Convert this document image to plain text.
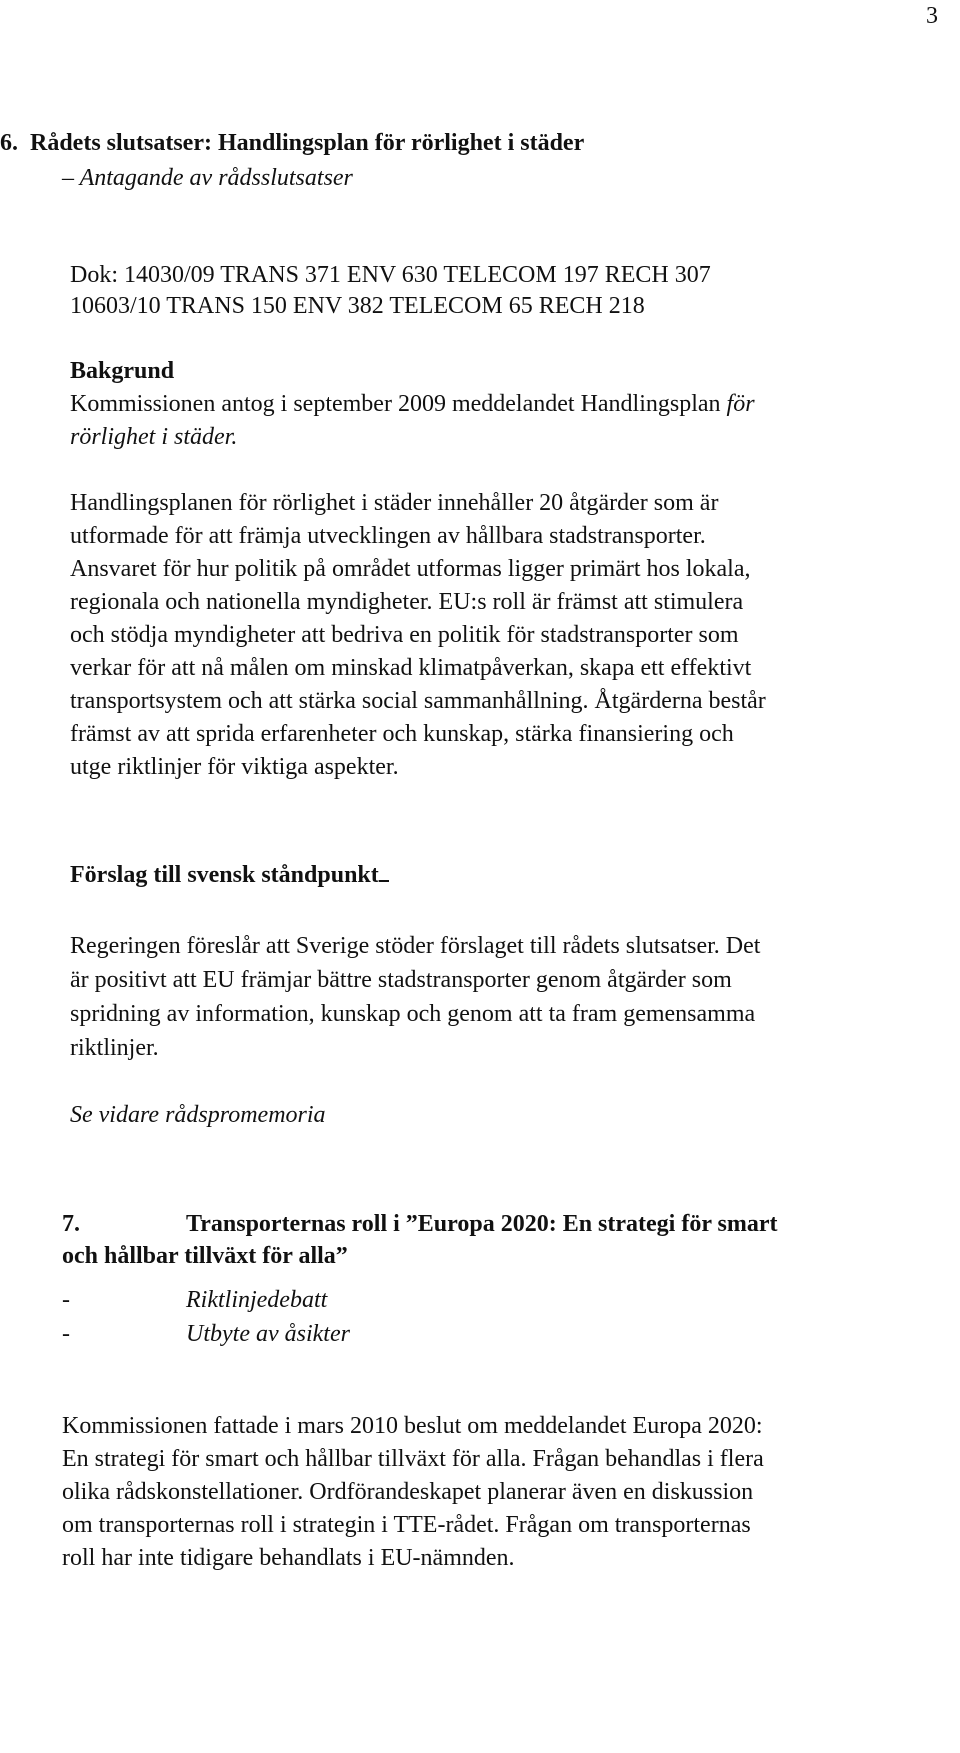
3
6. Rådets slutsatser: Handlingsplan för rörlighet i städer
– Antagande av rådsslutsatser
Dok: 14030/09 TRANS 371 ENV 630 TELECOM 197 RECH 307
10603/10 TRANS 150 ENV 382 TELECOM 65 RECH 218
Bakgrund
Kommissionen antog i september 2009 meddelandet Handlingsplan för
rörlighet i städer.
Handlingsplanen för rörlighet i städer innehåller 20 åtgärder som är
utformade för att främja utvecklingen av hållbara stadstransporter.
Ansvaret för hur politik på området utformas ligger primärt hos lokala,
regionala och nationella myndigheter. EU:s roll är främst att stimulera
och stödja myndigheter att bedriva en politik för stadstransporter som
verkar för att nå målen om minskad klimatpåverkan, skapa ett effektivt
transportsystem och att stärka social sammanhållning. Åtgärderna består
främst av att sprida erfarenheter och kunskap, stärka finansiering och
utge riktlinjer för viktiga aspekter.
Förslag till svensk ståndpunkt
Regeringen föreslår att Sverige stöder förslaget till rådets slutsatser. Det
är positivt att EU främjar bättre stadstransporter genom åtgärder som
spridning av information, kunskap och genom att ta fram gemensamma
riktlinjer.
Se vidare rådspromemoria
7.	Transporternas roll i ”Europa 2020: En strategi för smart
och hållbar tillväxt för alla”
-	Riktlinjedebatt
-	Utbyte av åsikter
Kommissionen fattade i mars 2010 beslut om meddelandet Europa 2020:
En strategi för smart och hållbar tillväxt för alla. Frågan behandlas i flera
olika rådskonstellationer. Ordförandeskapet planerar även en diskussion
om transporternas roll i strategin i TTE-rådet. Frågan om transporternas
roll har inte tidigare behandlats i EU-nämnden.
